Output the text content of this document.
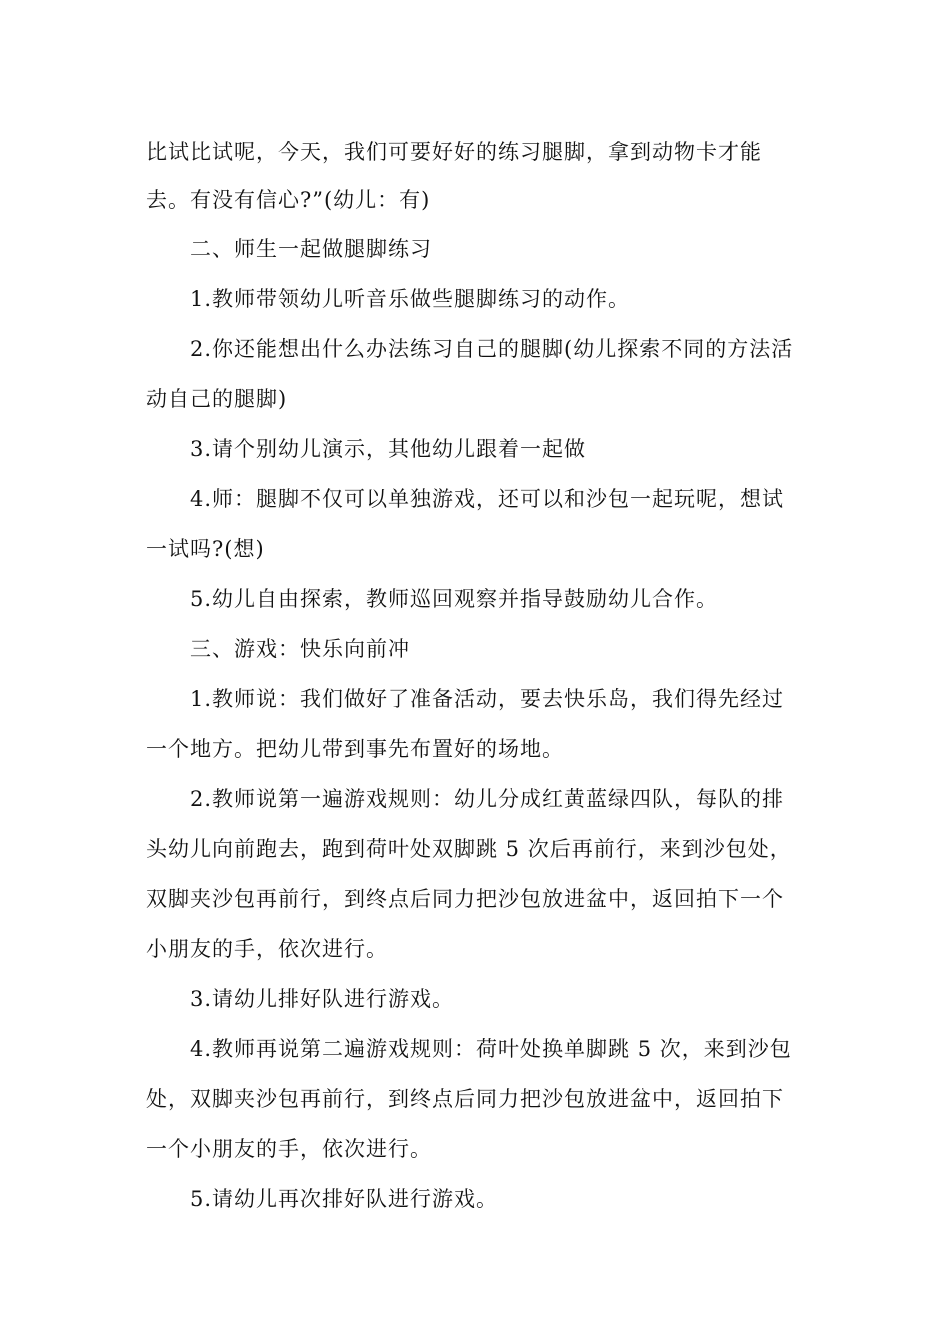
比试比试呢，今天，我们可要好好的练习腿脚，拿到动物卡才能
去。有没有信心?”(幼儿：有)
二、师生一起做腿脚练习
1.教师带领幼儿听音乐做些腿脚练习的动作。
2.你还能想出什么办法练习自己的腿脚(幼儿探索不同的方法活
动自己的腿脚)
3.请个别幼儿演示，其他幼儿跟着一起做
4.师：腿脚不仅可以单独游戏，还可以和沙包一起玩呢，想试
一试吗?(想)
5.幼儿自由探索，教师巡回观察并指导鼓励幼儿合作。
三、游戏：快乐向前冲
1.教师说：我们做好了准备活动，要去快乐岛，我们得先经过
一个地方。把幼儿带到事先布置好的场地。
2.教师说第一遍游戏规则：幼儿分成红黄蓝绿四队，每队的排
头幼儿向前跑去，跑到荷叶处双脚跳 5 次后再前行，来到沙包处，
双脚夹沙包再前行，到终点后同力把沙包放进盆中，返回拍下一个
小朋友的手，依次进行。
3.请幼儿排好队进行游戏。
4.教师再说第二遍游戏规则：荷叶处换单脚跳 5 次，来到沙包
处，双脚夹沙包再前行，到终点后同力把沙包放进盆中，返回拍下
一个小朋友的手，依次进行。
5.请幼儿再次排好队进行游戏。
